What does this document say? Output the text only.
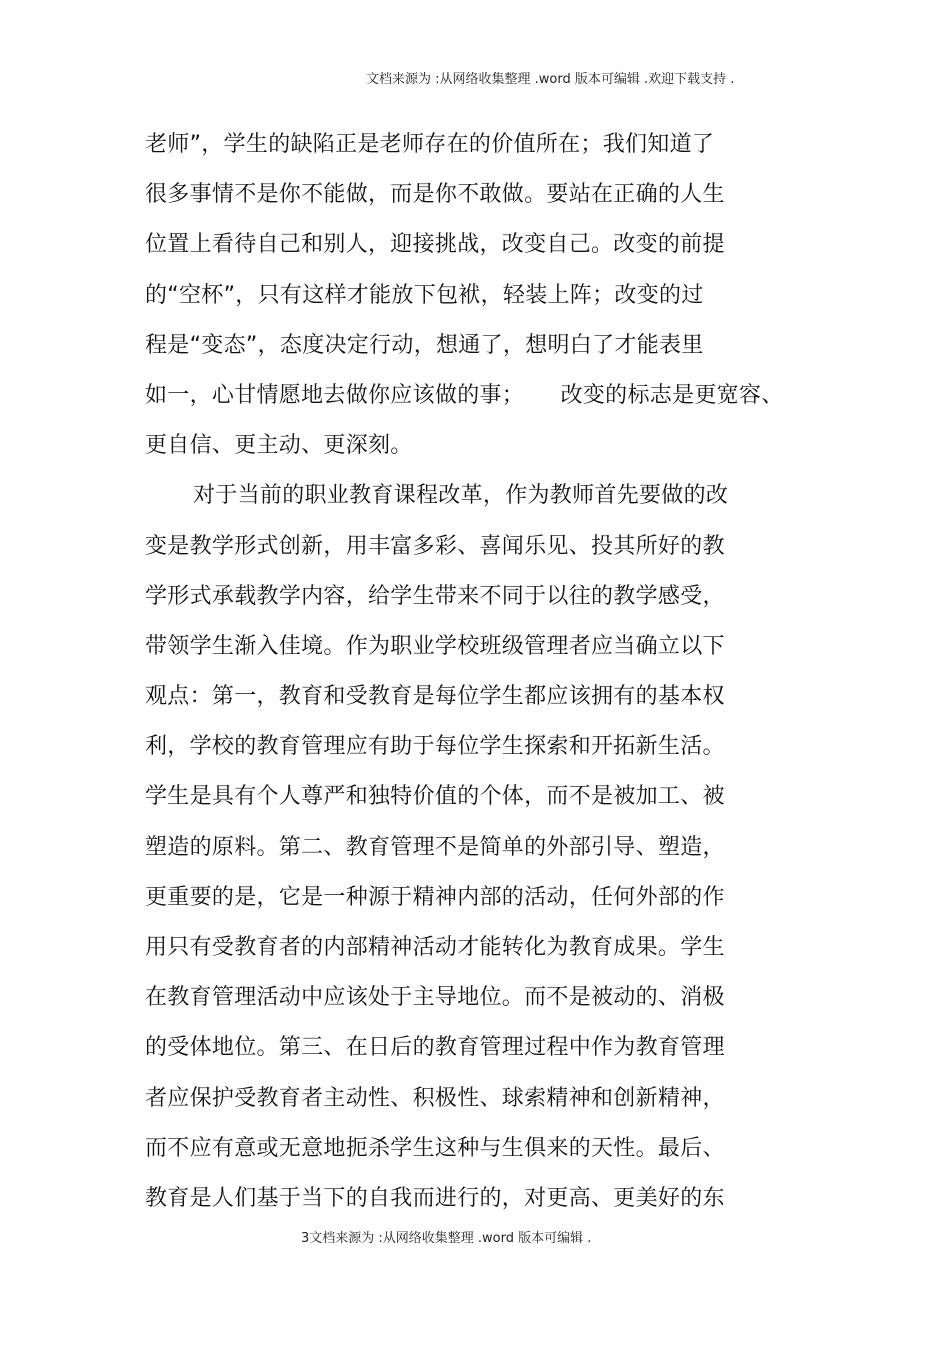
文档来源为 :从网络收集整理 .word 版本可编辑 .欢迎下载支持 .
老师”，学生的缺陷正是老师存在的价值所在；我们知道了
很多事情不是你不能做，而是你不敢做。要站在正确的人生
位置上看待自己和别人，迎接挑战，改变自己。改变的前提
的“空杯”，只有这样才能放下包袱，轻装上阵；改变的过
程是“变态”，态度决定行动，想通了，想明白了才能表里
如一，心甘情愿地去做你应该做的事；     改变的标志是更宽容、
更自信、更主动、更深刻。
对于当前的职业教育课程改革，作为教师首先要做的改
变是教学形式创新，用丰富多彩、喜闻乐见、投其所好的教
学形式承载教学内容，给学生带来不同于以往的教学感受，
带领学生渐入佳境。作为职业学校班级管理者应当确立以下
观点：第一，教育和受教育是每位学生都应该拥有的基本权
利，学校的教育管理应有助于每位学生探索和开拓新生活。
学生是具有个人尊严和独特价值的个体，而不是被加工、被
塑造的原料。第二、教育管理不是简单的外部引导、塑造，
更重要的是，它是一种源于精神内部的活动，任何外部的作
用只有受教育者的内部精神活动才能转化为教育成果。学生
在教育管理活动中应该处于主导地位。而不是被动的、消极
的受体地位。第三、在日后的教育管理过程中作为教育管理
者应保护受教育者主动性、积极性、球索精神和创新精神，
而不应有意或无意地扼杀学生这种与生俱来的天性。最后、
教育是人们基于当下的自我而进行的，对更高、更美好的东
3文档来源为 :从网络收集整理 .word 版本可编辑 .
